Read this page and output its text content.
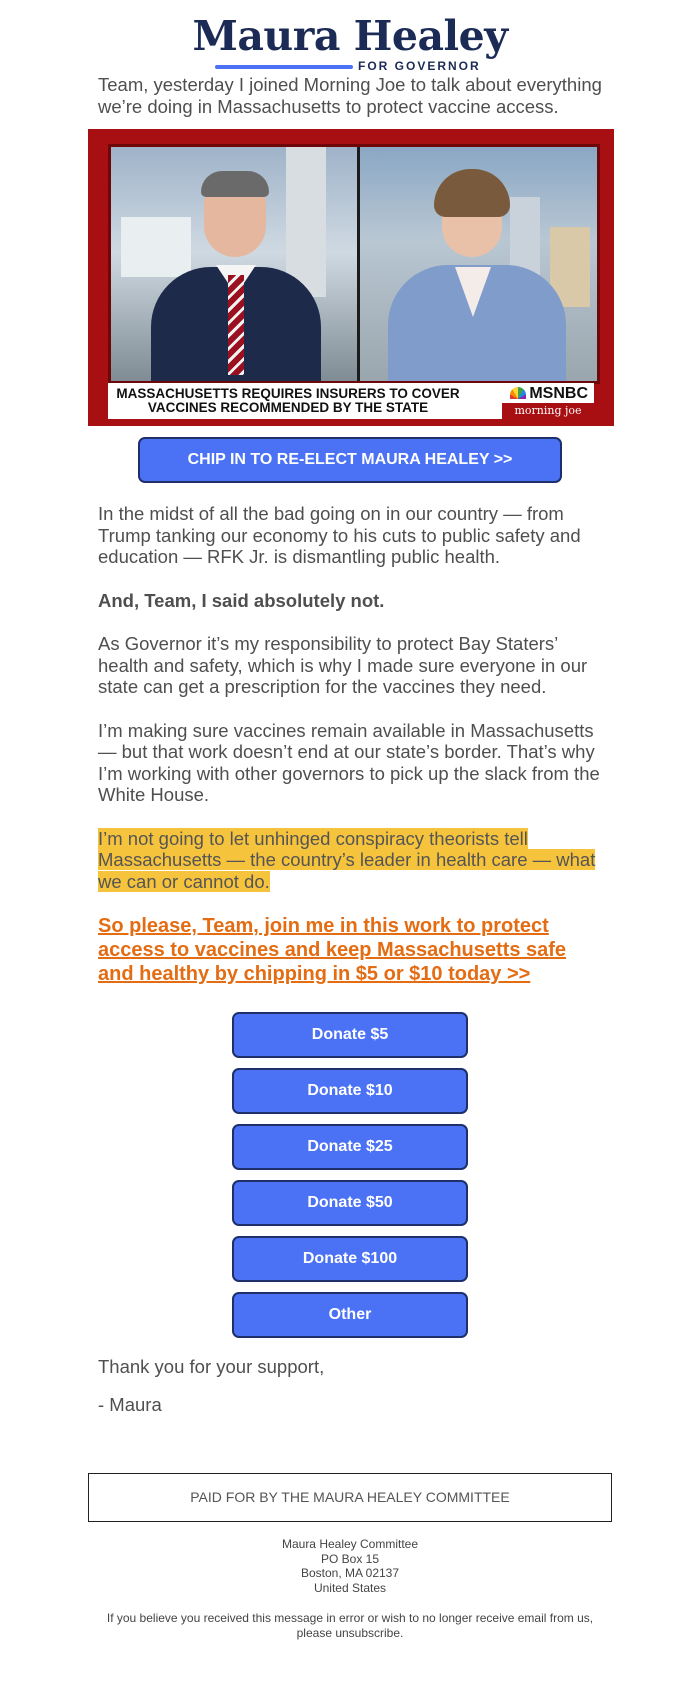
Maura Healey
FOR GOVERNOR

Team, yesterday I joined Morning Joe to talk about everything we’re doing in Massachusetts to protect vaccine access.

MASSACHUSETTS REQUIRES INSURERS TO COVER VACCINES RECOMMENDED BY THE STATE
MSNBC
morning joe
CHIP IN TO RE-ELECT MAURA HEALEY >>

In the midst of all the bad going on in our country — from Trump tanking our economy to his cuts to public safety and education — RFK Jr. is dismantling public health.

And, Team, I said absolutely not.

As Governor it’s my responsibility to protect Bay Staters’ health and safety, which is why I made sure everyone in our state can get a prescription for the vaccines they need.

I’m making sure vaccines remain available in Massachusetts — but that work doesn’t end at our state’s border. That’s why I’m working with other governors to pick up the slack from the White House.

I’m not going to let unhinged conspiracy theorists tell Massachusetts — the country’s leader in health care — what we can or cannot do.

So please, Team, join me in this work to protect access to vaccines and keep Massachusetts safe and healthy by chipping in $5 or $10 today >>

Donate $5
Donate $10
Donate $25
Donate $50
Donate $100
Other

Thank you for your support,

- Maura

PAID FOR BY THE MAURA HEALEY COMMITTEE
Maura Healey Committee
PO Box 15
Boston, MA 02137
United States
If you believe you received this message in error or wish to no longer receive email from us, please unsubscribe.
